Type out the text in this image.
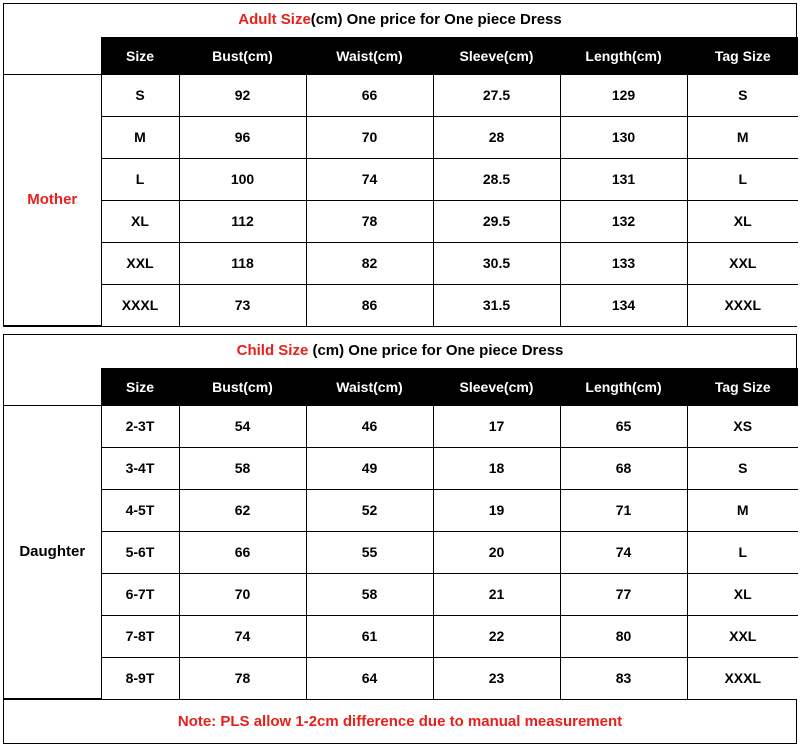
Adult Size(cm) One price for One piece Dress
	Size	Bust(cm)	Waist(cm)	Sleeve(cm)	Length(cm)	Tag Size
Mother	S	92	66	27.5	129	S
	M	96	70	28	130	M
	L	100	74	28.5	131	L
	XL	112	78	29.5	132	XL
	XXL	118	82	30.5	133	XXL
	XXXL	73	86	31.5	134	XXXL
Child Size (cm) One price for One piece Dress
	Size	Bust(cm)	Waist(cm)	Sleeve(cm)	Length(cm)	Tag Size
Daughter	2-3T	54	46	17	65	XS
	3-4T	58	49	18	68	S
	4-5T	62	52	19	71	M
	5-6T	66	55	20	74	L
	6-7T	70	58	21	77	XL
	7-8T	74	61	22	80	XXL
	8-9T	78	64	23	83	XXXL
Note: PLS allow 1-2cm difference due to manual measurement
